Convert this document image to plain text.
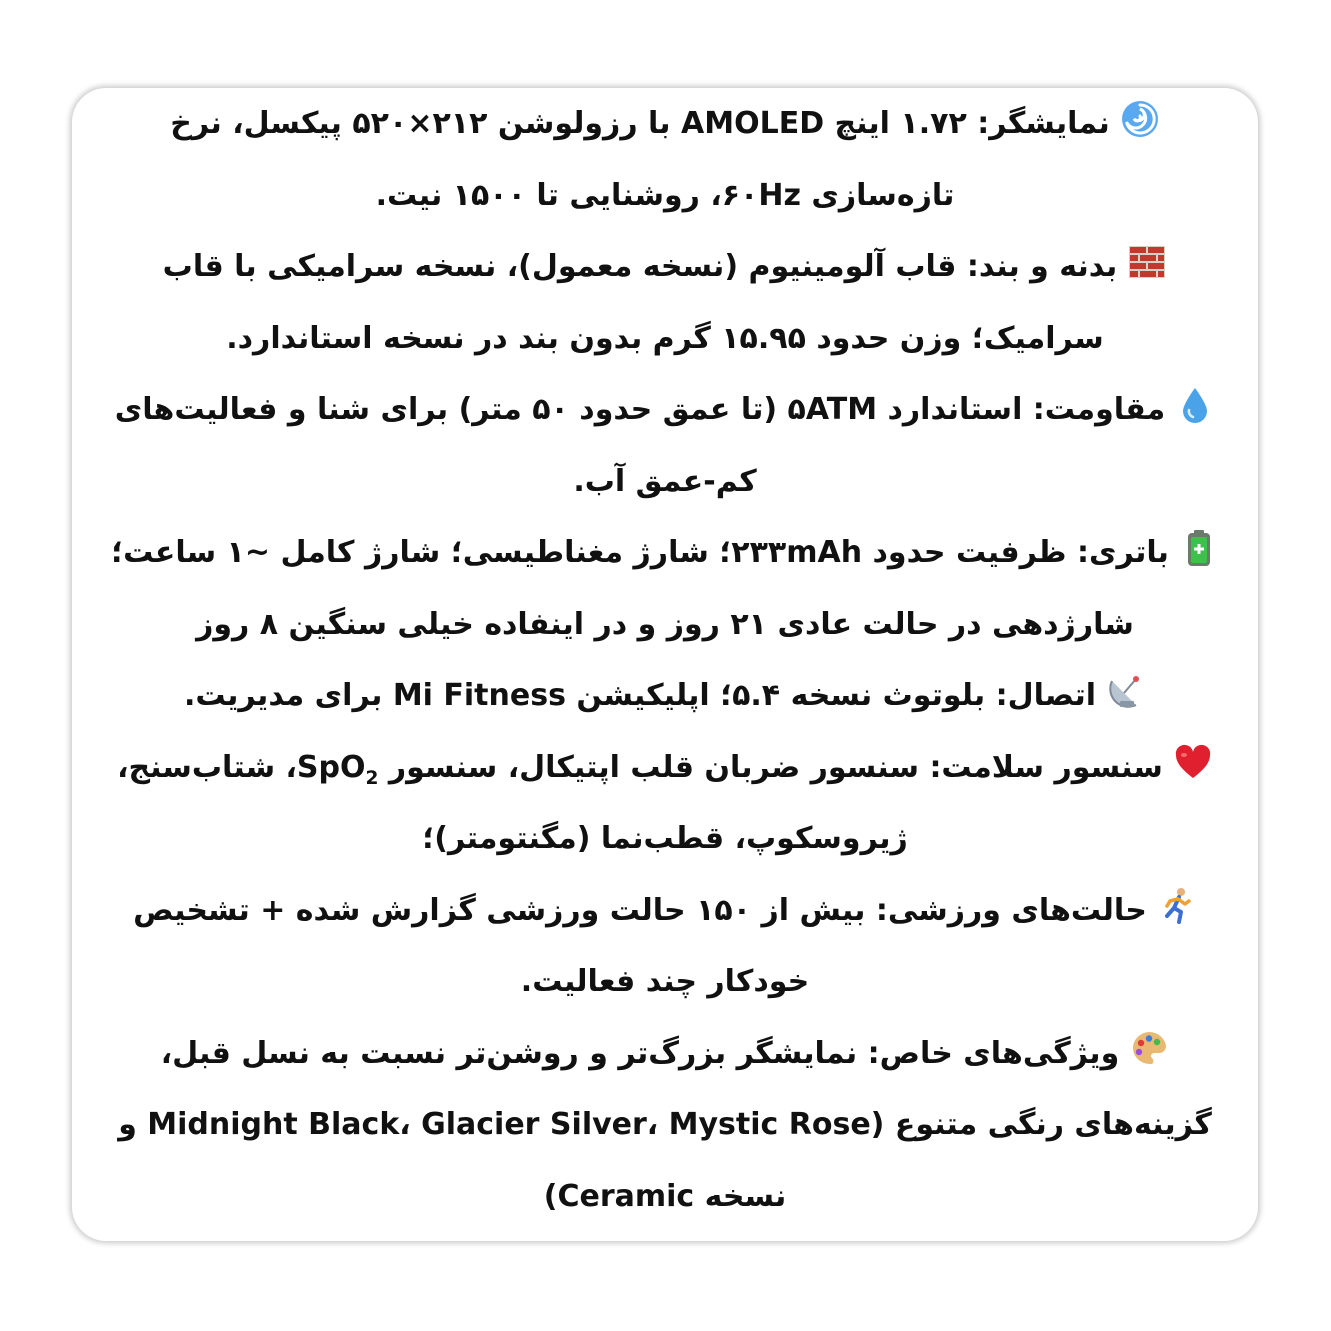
نمایشگر: ۱.۷۲ اینچ AMOLED با رزولوشن ۲۱۲×۵۲۰ پیکسل، نرخ تازه‌سازی ۶۰Hz، روشنایی تا ۱۵۰۰ نیت.

بدنه و بند: قاب آلومینیوم (نسخه معمول)، نسخه سرامیکی با قاب سرامیک؛ وزن حدود ۱۵.۹۵ گرم بدون بند در نسخه استاندارد.

مقاومت: استاندارد ۵ATM (تا عمق حدود ۵۰ متر) برای شنا و فعالیت‌های کم-عمق آب.

باتری: ظرفیت حدود ۲۳۳mAh؛ شارژ مغناطیسی؛ شارژ کامل ~۱ ساعت؛ شارژدهی در حالت عادی ۲۱ روز و در اینفاده خیلی سنگین ۸ روز

اتصال: بلوتوث نسخه ۵.۴؛ اپلیکیشن Mi Fitness برای مدیریت.

سنسور سلامت: سنسور ضربان قلب اپتیکال، سنسور SpO$_2$، شتاب‌سنج، ژیروسکوپ، قطب‌نما (مگنتومتر)؛

حالت‌های ورزشی: بیش از ۱۵۰ حالت ورزشی گزارش شده + تشخیص خودکار چند فعالیت.

ویژگی‌های خاص: نمایشگر بزرگ‌تر و روشن‌تر نسبت به نسل قبل، گزینه‌های رنگی متنوع (Midnight Black، Glacier Silver، Mystic Rose و نسخه Ceramic)
